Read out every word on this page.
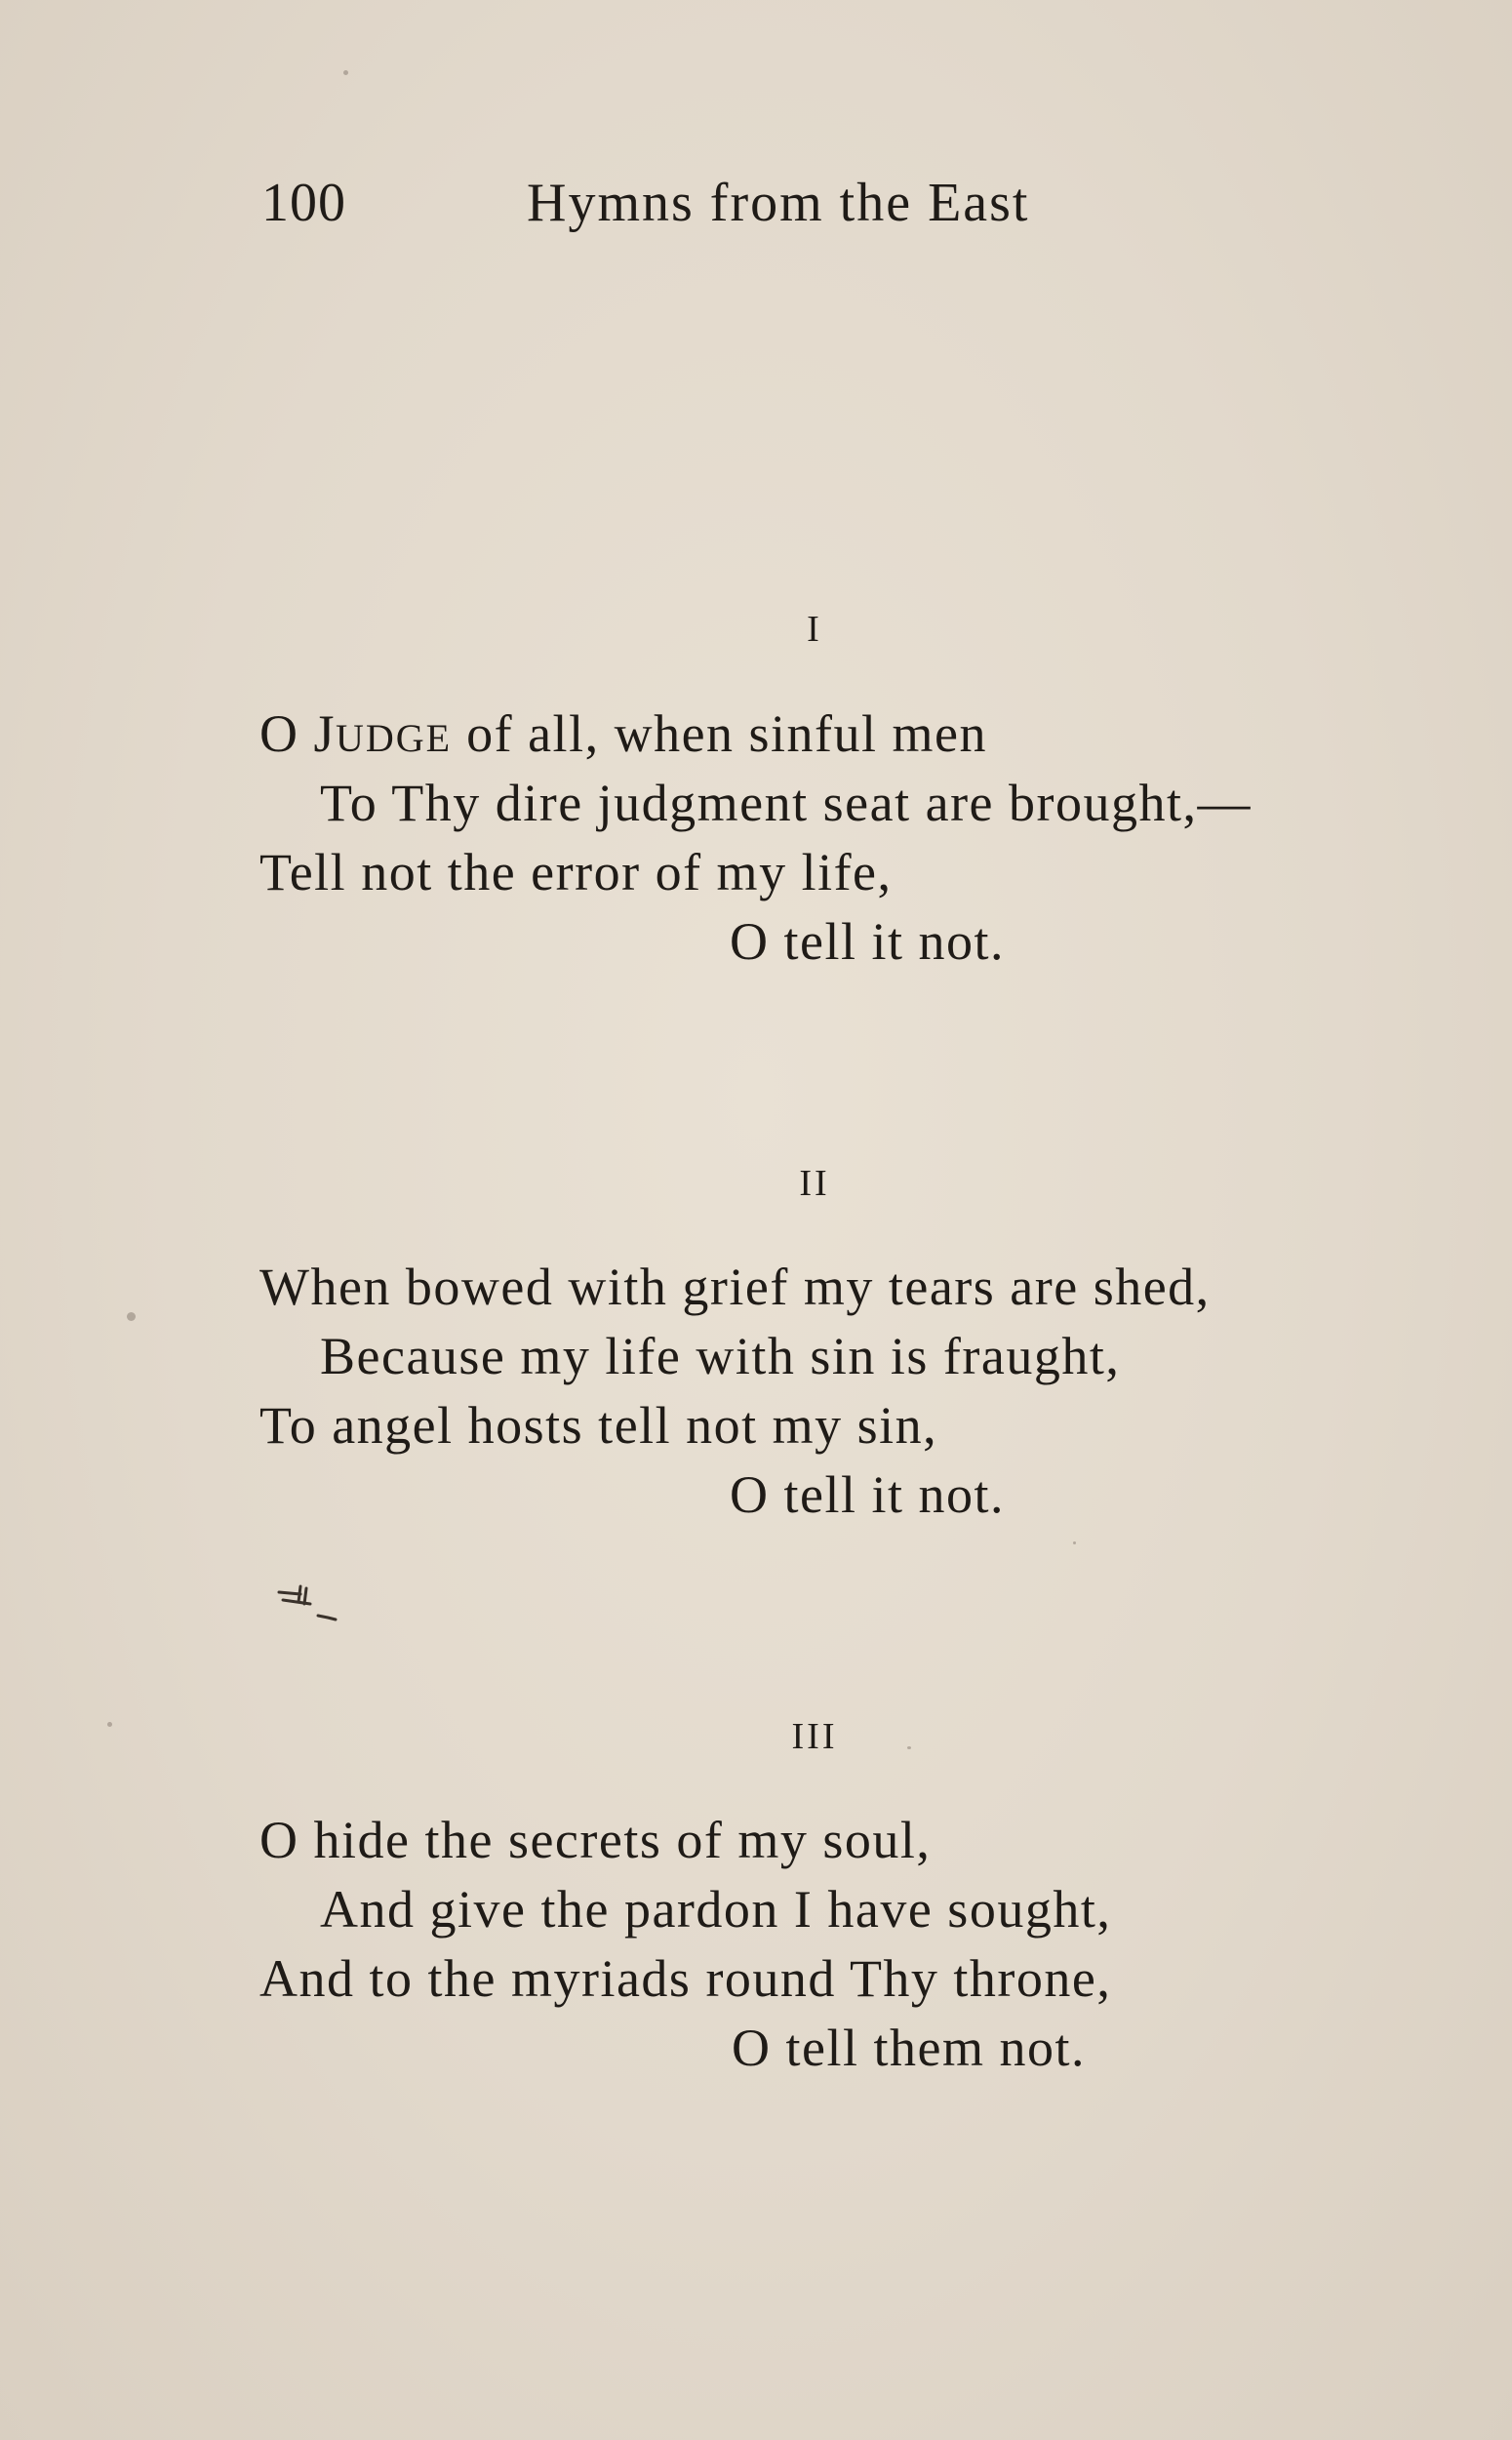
100	Hymns from the East
I
O JUDGE of all, when sinful men
To Thy dire judgment seat are brought,—
Tell not the error of my life,
O tell it not.
II
When bowed with grief my tears are shed,
Because my life with sin is fraught,
To angel hosts tell not my sin,
O tell it not.
III
O hide the secrets of my soul,
And give the pardon I have sought,
And to the myriads round Thy throne,
O tell them not.
